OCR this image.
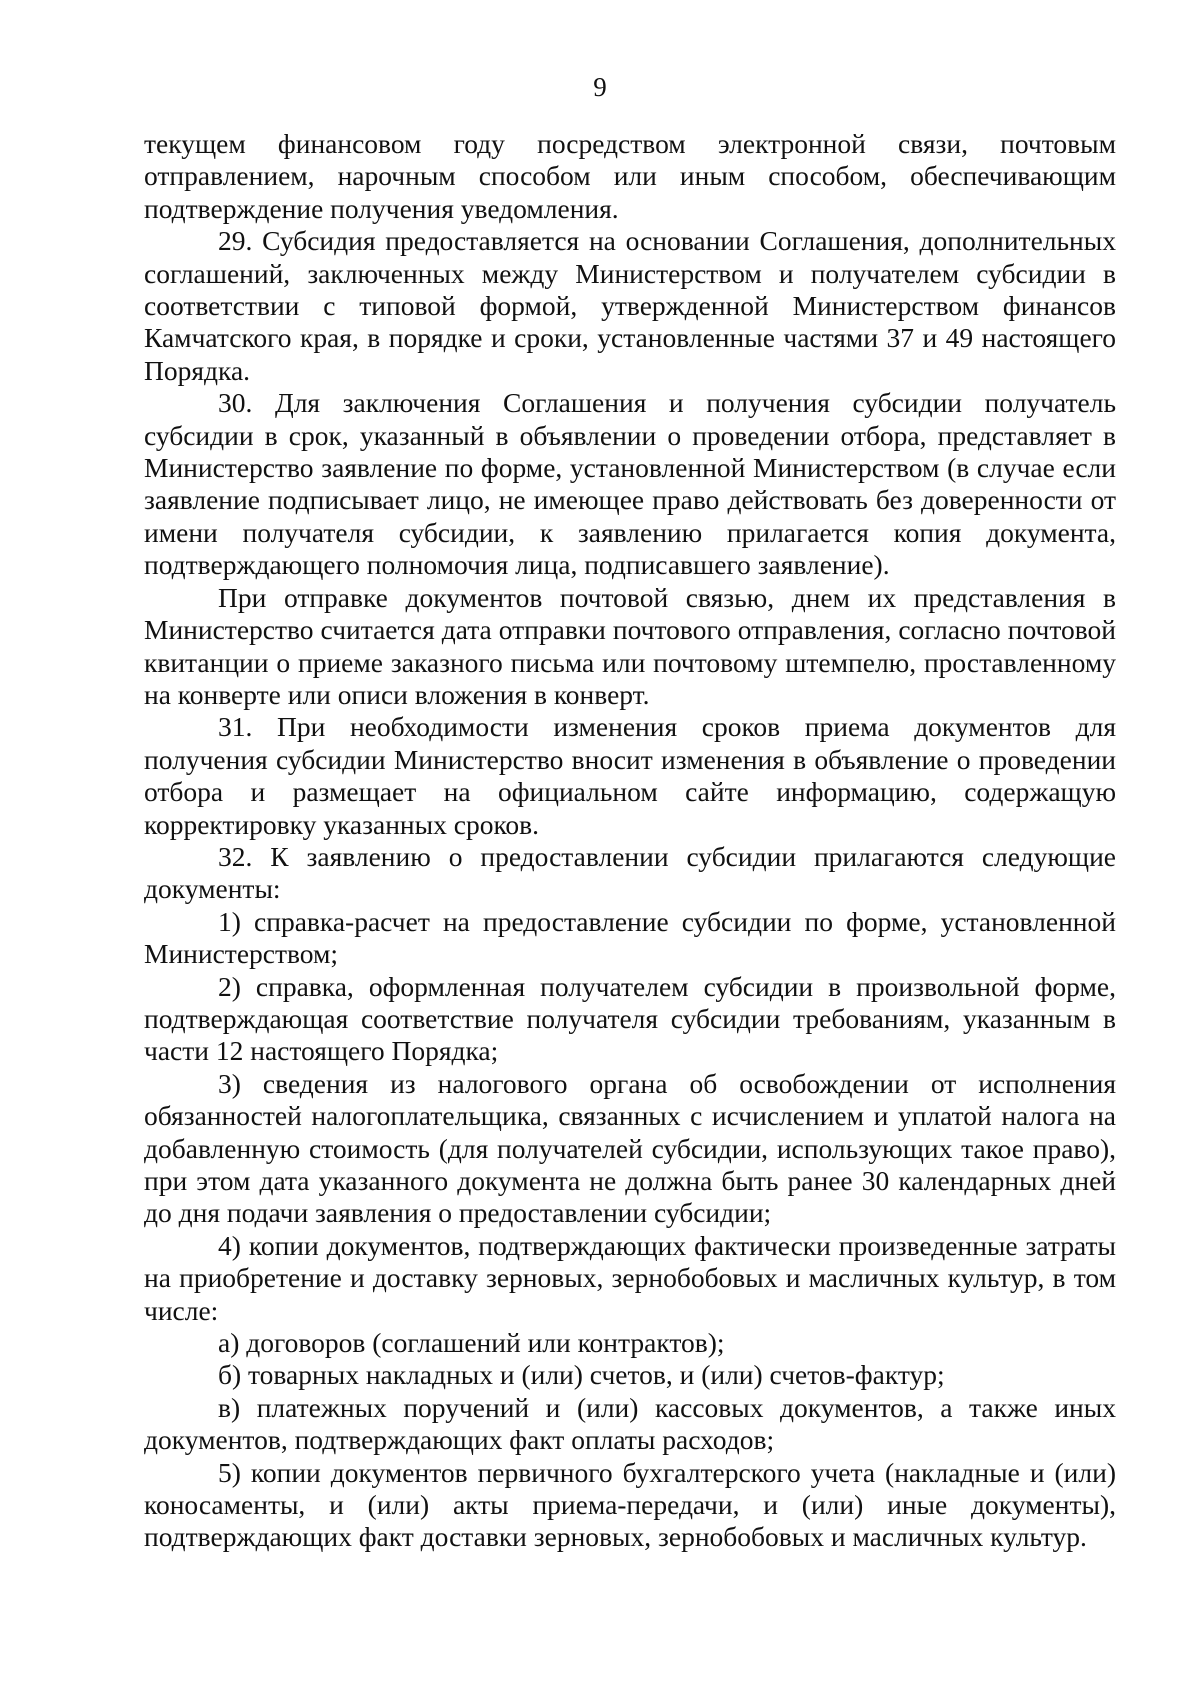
9

текущем финансовом году посредством электронной связи, почтовым отправлением, нарочным способом или иным способом, обеспечивающим подтверждение получения уведомления.

29. Субсидия предоставляется на основании Соглашения, дополнительных соглашений, заключенных между Министерством и получателем субсидии в соответствии с типовой формой, утвержденной Министерством финансов Камчатского края, в порядке и сроки, установленные частями 37 и 49 настоящего Порядка.

30. Для заключения Соглашения и получения субсидии получатель субсидии в срок, указанный в объявлении о проведении отбора, представляет в Министерство заявление по форме, установленной Министерством (в случае если заявление подписывает лицо, не имеющее право действовать без доверенности от имени получателя субсидии, к заявлению прилагается копия документа, подтверждающего полномочия лица, подписавшего заявление).

При отправке документов почтовой связью, днем их представления в Министерство считается дата отправки почтового отправления, согласно почтовой квитанции о приеме заказного письма или почтовому штемпелю, проставленному на конверте или описи вложения в конверт.

31. При необходимости изменения сроков приема документов для получения субсидии Министерство вносит изменения в объявление о проведении отбора и размещает на официальном сайте информацию, содержащую корректировку указанных сроков.

32. К заявлению о предоставлении субсидии прилагаются следующие документы:

1) справка-расчет на предоставление субсидии по форме, установленной Министерством;

2) справка, оформленная получателем субсидии в произвольной форме, подтверждающая соответствие получателя субсидии требованиям, указанным в части 12 настоящего Порядка;

3) сведения из налогового органа об освобождении от исполнения обязанностей налогоплательщика, связанных с исчислением и уплатой налога на добавленную стоимость (для получателей субсидии, использующих такое право), при этом дата указанного документа не должна быть ранее 30 календарных дней до дня подачи заявления о предоставлении субсидии;

4) копии документов, подтверждающих фактически произведенные затраты на приобретение и доставку зерновых, зернобобовых и масличных культур, в том числе:

а) договоров (соглашений или контрактов);

б) товарных накладных и (или) счетов, и (или) счетов-фактур;

в) платежных поручений и (или) кассовых документов, а также иных документов, подтверждающих факт оплаты расходов;

5) копии документов первичного бухгалтерского учета (накладные и (или) коносаменты, и (или) акты приема-передачи, и (или) иные документы), подтверждающих факт доставки зерновых, зернобобовых и масличных культур.
